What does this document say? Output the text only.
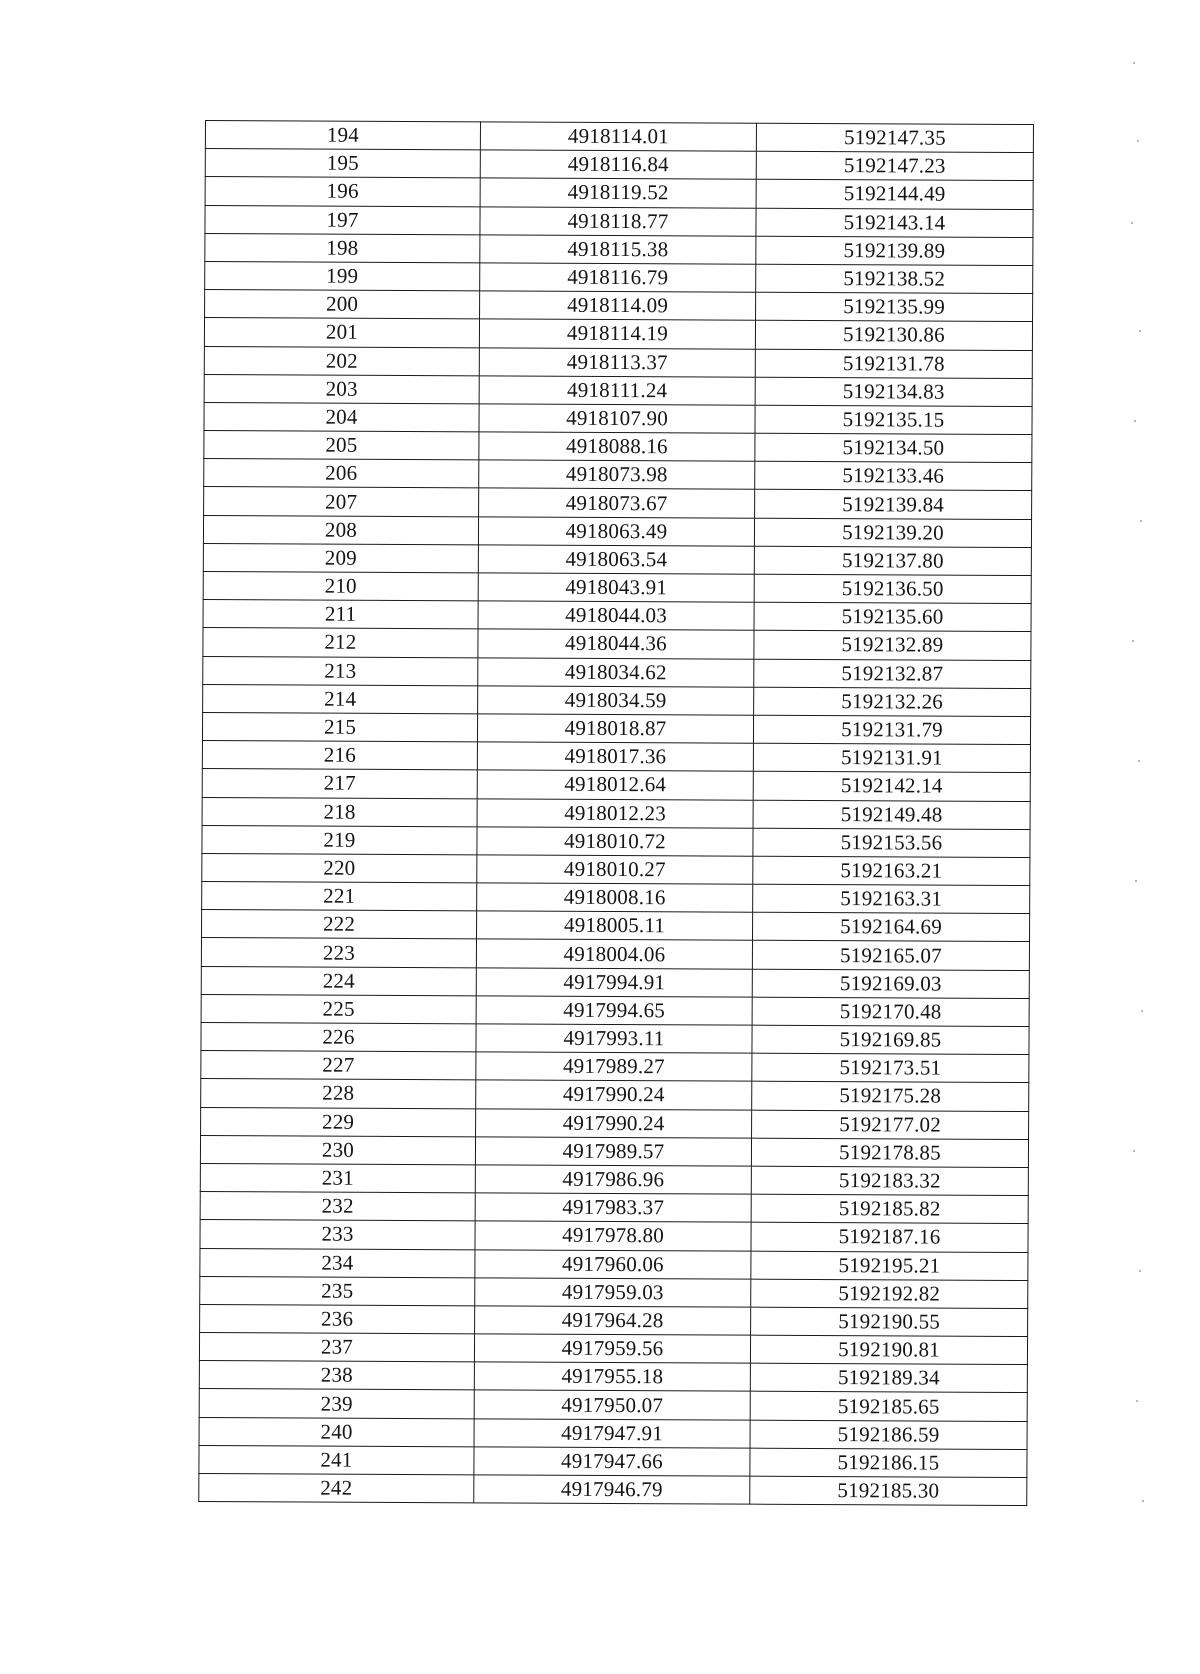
194	4918114.01	5192147.35
195	4918116.84	5192147.23
196	4918119.52	5192144.49
197	4918118.77	5192143.14
198	4918115.38	5192139.89
199	4918116.79	5192138.52
200	4918114.09	5192135.99
201	4918114.19	5192130.86
202	4918113.37	5192131.78
203	4918111.24	5192134.83
204	4918107.90	5192135.15
205	4918088.16	5192134.50
206	4918073.98	5192133.46
207	4918073.67	5192139.84
208	4918063.49	5192139.20
209	4918063.54	5192137.80
210	4918043.91	5192136.50
211	4918044.03	5192135.60
212	4918044.36	5192132.89
213	4918034.62	5192132.87
214	4918034.59	5192132.26
215	4918018.87	5192131.79
216	4918017.36	5192131.91
217	4918012.64	5192142.14
218	4918012.23	5192149.48
219	4918010.72	5192153.56
220	4918010.27	5192163.21
221	4918008.16	5192163.31
222	4918005.11	5192164.69
223	4918004.06	5192165.07
224	4917994.91	5192169.03
225	4917994.65	5192170.48
226	4917993.11	5192169.85
227	4917989.27	5192173.51
228	4917990.24	5192175.28
229	4917990.24	5192177.02
230	4917989.57	5192178.85
231	4917986.96	5192183.32
232	4917983.37	5192185.82
233	4917978.80	5192187.16
234	4917960.06	5192195.21
235	4917959.03	5192192.82
236	4917964.28	5192190.55
237	4917959.56	5192190.81
238	4917955.18	5192189.34
239	4917950.07	5192185.65
240	4917947.91	5192186.59
241	4917947.66	5192186.15
242	4917946.79	5192185.30
